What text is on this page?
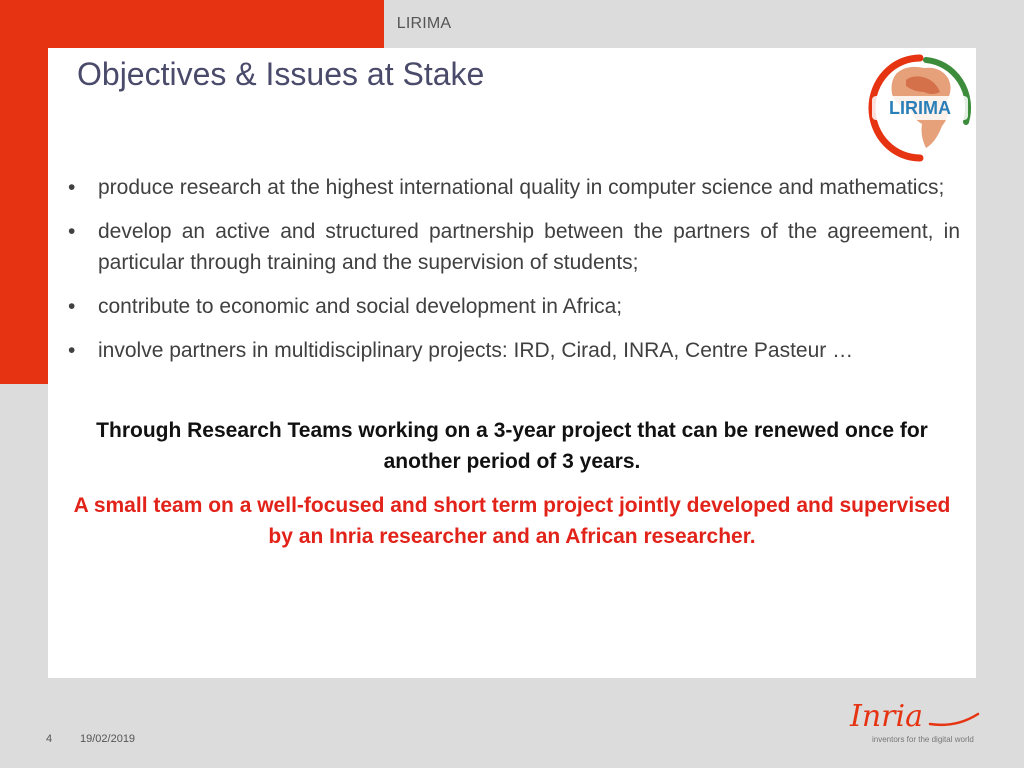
LIRIMA
Objectives & Issues at Stake
LIRIMA
• produce research at the highest international quality in computer science and mathematics;
• develop an active and structured partnership between the partners of the agreement, in particular through training and the supervision of students;
• contribute to economic and social development in Africa;
• involve partners in multidisciplinary projects: IRD, Cirad, INRA, Centre Pasteur …

Through Research Teams working on a 3-year project that can be renewed once for another period of 3 years.

A small team on a well-focused and short term project jointly developed and supervised by an Inria researcher and an African researcher.

4	19/02/2019
Inria
inventors for the digital world
